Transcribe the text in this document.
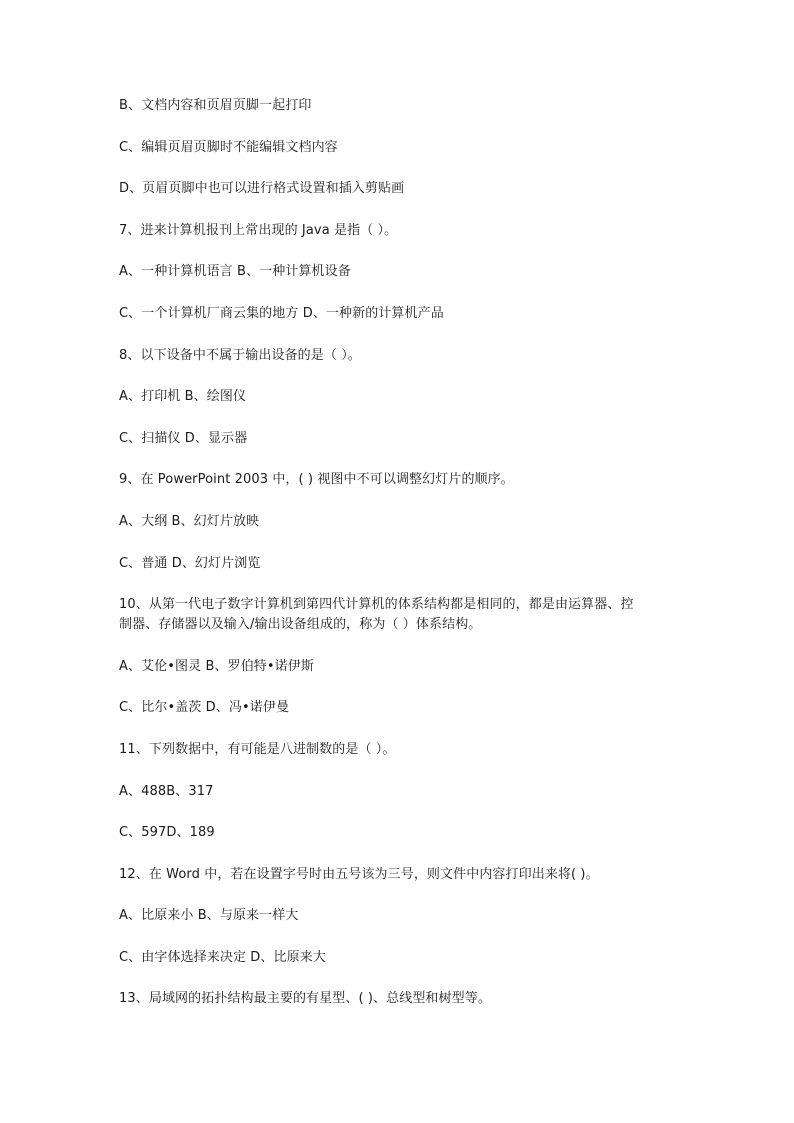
B、文档内容和页眉页脚一起打印
C、编辑页眉页脚时不能编辑文档内容
D、页眉页脚中也可以进行格式设置和插入剪贴画
7、进来计算机报刊上常出现的 Java 是指（ ）。
A、一种计算机语言 B、一种计算机设备
C、一个计算机厂商云集的地方 D、一种新的计算机产品
8、以下设备中不属于输出设备的是（ ）。
A、打印机 B、绘图仪
C、扫描仪 D、显示器
9、在 PowerPoint 2003 中，( ) 视图中不可以调整幻灯片的顺序。
A、大纲 B、幻灯片放映
C、普通 D、幻灯片浏览
10、从第一代电子数字计算机到第四代计算机的体系结构都是相同的，都是由运算器、控
制器、存储器以及输入/输出设备组成的，称为（ ）体系结构。
A、艾伦•图灵 B、罗伯特•诺伊斯
C、比尔•盖茨 D、冯•诺伊曼
11、下列数据中，有可能是八进制数的是（ ）。
A、488B、317
C、597D、189
12、在 Word 中，若在设置字号时由五号该为三号，则文件中内容打印出来将( )。
A、比原来小 B、与原来一样大
C、由字体选择来决定 D、比原来大
13、局域网的拓扑结构最主要的有星型、( )、总线型和树型等。
